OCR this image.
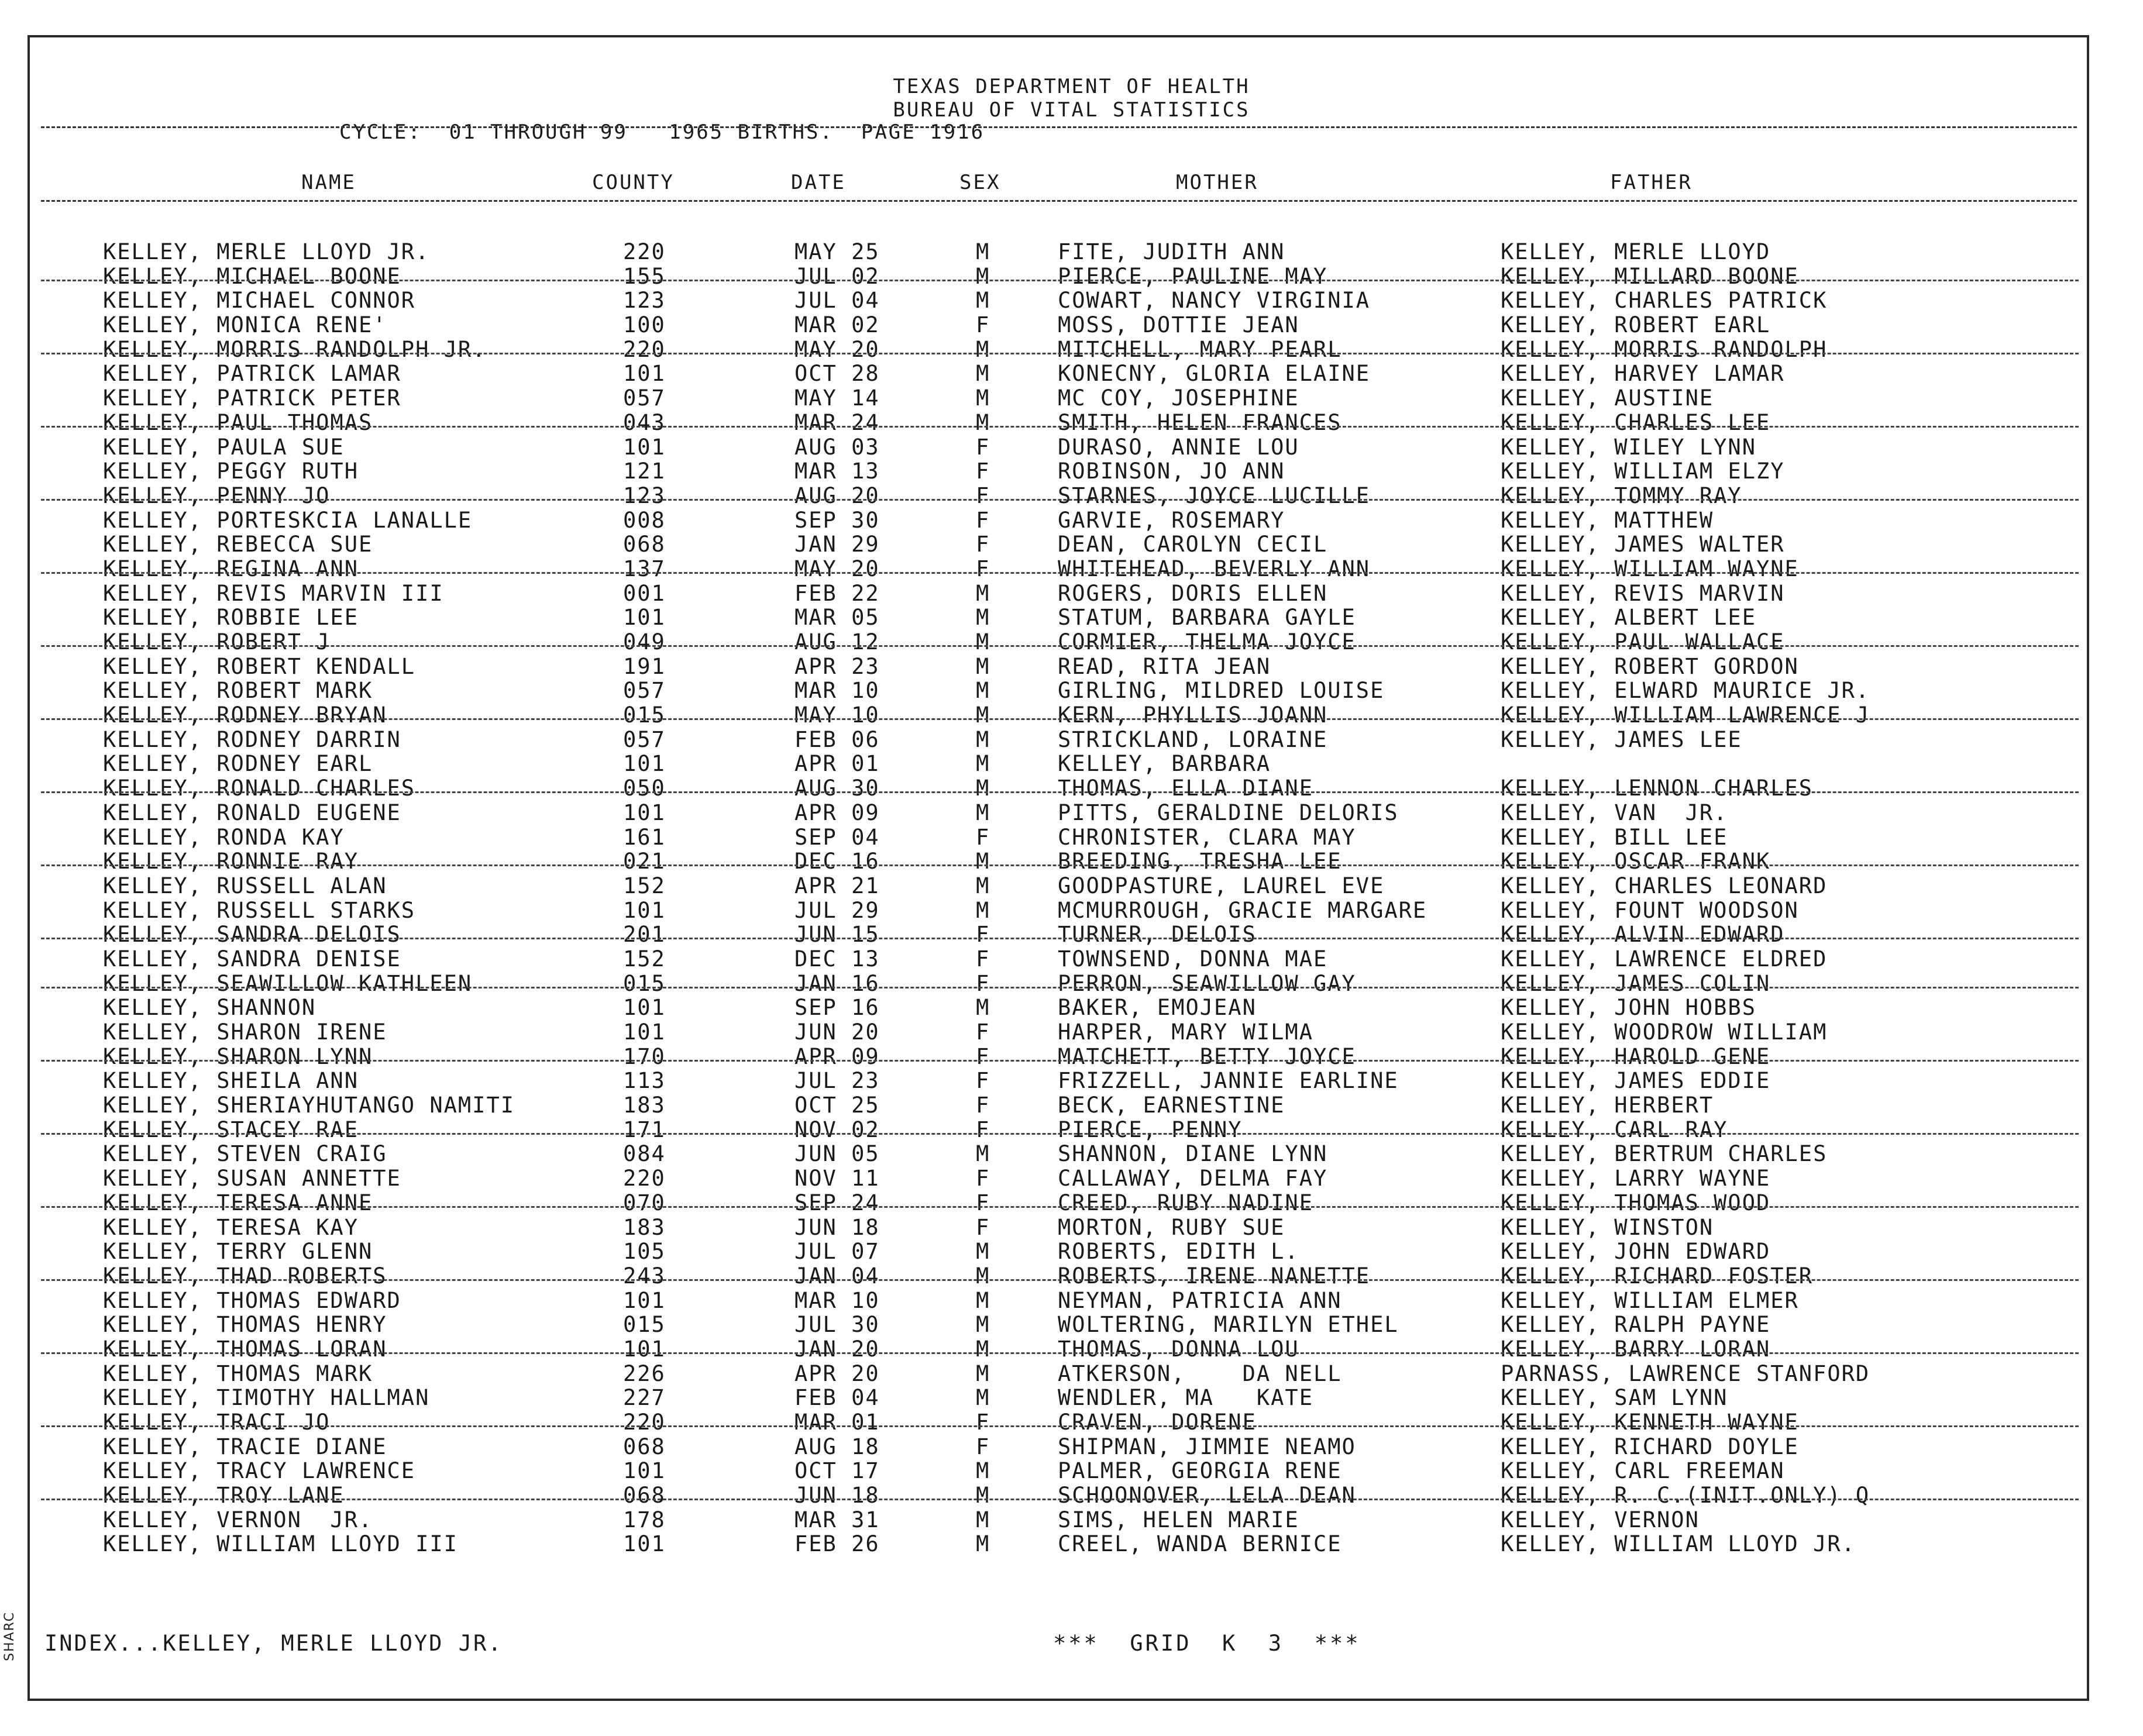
TEXAS DEPARTMENT OF HEALTH
BUREAU OF VITAL STATISTICS
CYCLE:  01 THROUGH 99   1965 BIRTHS.  PAGE 1916
NAME	COUNTY	DATE	SEX	MOTHER	FATHER
KELLEY, MERLE LLOYD JR.	220	MAY 25	M	FITE, JUDITH ANN	KELLEY, MERLE LLOYD
KELLEY, MICHAEL BOONE	155	JUL 02	M	PIERCE, PAULINE MAY	KELLEY, MILLARD BOONE
KELLEY, MICHAEL CONNOR	123	JUL 04	M	COWART, NANCY VIRGINIA	KELLEY, CHARLES PATRICK
KELLEY, MONICA RENE'	100	MAR 02	F	MOSS, DOTTIE JEAN	KELLEY, ROBERT EARL
KELLEY, MORRIS RANDOLPH JR.	220	MAY 20	M	MITCHELL, MARY PEARL	KELLEY, MORRIS RANDOLPH
KELLEY, PATRICK LAMAR	101	OCT 28	M	KONECNY, GLORIA ELAINE	KELLEY, HARVEY LAMAR
KELLEY, PATRICK PETER	057	MAY 14	M	MC COY, JOSEPHINE	KELLEY, AUSTINE
KELLEY, PAUL THOMAS	043	MAR 24	M	SMITH, HELEN FRANCES	KELLEY, CHARLES LEE
KELLEY, PAULA SUE	101	AUG 03	F	DURASO, ANNIE LOU	KELLEY, WILEY LYNN
KELLEY, PEGGY RUTH	121	MAR 13	F	ROBINSON, JO ANN	KELLEY, WILLIAM ELZY
KELLEY, PENNY JO	123	AUG 20	F	STARNES, JOYCE LUCILLE	KELLEY, TOMMY RAY
KELLEY, PORTESKCIA LANALLE	008	SEP 30	F	GARVIE, ROSEMARY	KELLEY, MATTHEW
KELLEY, REBECCA SUE	068	JAN 29	F	DEAN, CAROLYN CECIL	KELLEY, JAMES WALTER
KELLEY, REGINA ANN	137	MAY 20	F	WHITEHEAD, BEVERLY ANN	KELLEY, WILLIAM WAYNE
KELLEY, REVIS MARVIN III	001	FEB 22	M	ROGERS, DORIS ELLEN	KELLEY, REVIS MARVIN
KELLEY, ROBBIE LEE	101	MAR 05	M	STATUM, BARBARA GAYLE	KELLEY, ALBERT LEE
KELLEY, ROBERT J	049	AUG 12	M	CORMIER, THELMA JOYCE	KELLEY, PAUL WALLACE
KELLEY, ROBERT KENDALL	191	APR 23	M	READ, RITA JEAN	KELLEY, ROBERT GORDON
KELLEY, ROBERT MARK	057	MAR 10	M	GIRLING, MILDRED LOUISE	KELLEY, ELWARD MAURICE JR.
KELLEY, RODNEY BRYAN	015	MAY 10	M	KERN, PHYLLIS JOANN	KELLEY, WILLIAM LAWRENCE J
KELLEY, RODNEY DARRIN	057	FEB 06	M	STRICKLAND, LORAINE	KELLEY, JAMES LEE
KELLEY, RODNEY EARL	101	APR 01	M	KELLEY, BARBARA
KELLEY, RONALD CHARLES	050	AUG 30	M	THOMAS, ELLA DIANE	KELLEY, LENNON CHARLES
KELLEY, RONALD EUGENE	101	APR 09	M	PITTS, GERALDINE DELORIS	KELLEY, VAN  JR.
KELLEY, RONDA KAY	161	SEP 04	F	CHRONISTER, CLARA MAY	KELLEY, BILL LEE
KELLEY, RONNIE RAY	021	DEC 16	M	BREEDING, TRESHA LEE	KELLEY, OSCAR FRANK
KELLEY, RUSSELL ALAN	152	APR 21	M	GOODPASTURE, LAUREL EVE	KELLEY, CHARLES LEONARD
KELLEY, RUSSELL STARKS	101	JUL 29	M	MCMURROUGH, GRACIE MARGARE	KELLEY, FOUNT WOODSON
KELLEY, SANDRA DELOIS	201	JUN 15	F	TURNER, DELOIS	KELLEY, ALVIN EDWARD
KELLEY, SANDRA DENISE	152	DEC 13	F	TOWNSEND, DONNA MAE	KELLEY, LAWRENCE ELDRED
KELLEY, SEAWILLOW KATHLEEN	015	JAN 16	F	PERRON, SEAWILLOW GAY	KELLEY, JAMES COLIN
KELLEY, SHANNON	101	SEP 16	M	BAKER, EMOJEAN	KELLEY, JOHN HOBBS
KELLEY, SHARON IRENE	101	JUN 20	F	HARPER, MARY WILMA	KELLEY, WOODROW WILLIAM
KELLEY, SHARON LYNN	170	APR 09	F	MATCHETT, BETTY JOYCE	KELLEY, HAROLD GENE
KELLEY, SHEILA ANN	113	JUL 23	F	FRIZZELL, JANNIE EARLINE	KELLEY, JAMES EDDIE
KELLEY, SHERIAYHUTANGO NAMITI	183	OCT 25	F	BECK, EARNESTINE	KELLEY, HERBERT
KELLEY, STACEY RAE	171	NOV 02	F	PIERCE, PENNY	KELLEY, CARL RAY
KELLEY, STEVEN CRAIG	084	JUN 05	M	SHANNON, DIANE LYNN	KELLEY, BERTRUM CHARLES
KELLEY, SUSAN ANNETTE	220	NOV 11	F	CALLAWAY, DELMA FAY	KELLEY, LARRY WAYNE
KELLEY, TERESA ANNE	070	SEP 24	F	CREED, RUBY NADINE	KELLEY, THOMAS WOOD
KELLEY, TERESA KAY	183	JUN 18	F	MORTON, RUBY SUE	KELLEY, WINSTON
KELLEY, TERRY GLENN	105	JUL 07	M	ROBERTS, EDITH L.	KELLEY, JOHN EDWARD
KELLEY, THAD ROBERTS	243	JAN 04	M	ROBERTS, IRENE NANETTE	KELLEY, RICHARD FOSTER
KELLEY, THOMAS EDWARD	101	MAR 10	M	NEYMAN, PATRICIA ANN	KELLEY, WILLIAM ELMER
KELLEY, THOMAS HENRY	015	JUL 30	M	WOLTERING, MARILYN ETHEL	KELLEY, RALPH PAYNE
KELLEY, THOMAS LORAN	101	JAN 20	M	THOMAS, DONNA LOU	KELLEY, BARRY LORAN
KELLEY, THOMAS MARK	226	APR 20	M	ATKERSON,    DA NELL	PARNASS, LAWRENCE STANFORD
KELLEY, TIMOTHY HALLMAN	227	FEB 04	M	WENDLER, MA   KATE	KELLEY, SAM LYNN
KELLEY, TRACI JO	220	MAR 01	F	CRAVEN, DORENE	KELLEY, KENNETH WAYNE
KELLEY, TRACIE DIANE	068	AUG 18	F	SHIPMAN, JIMMIE NEAMO	KELLEY, RICHARD DOYLE
KELLEY, TRACY LAWRENCE	101	OCT 17	M	PALMER, GEORGIA RENE	KELLEY, CARL FREEMAN
KELLEY, TROY LANE	068	JUN 18	M	SCHOONOVER, LELA DEAN	KELLEY, R. C.(INIT.ONLY) Q
KELLEY, VERNON  JR.	178	MAR 31	M	SIMS, HELEN MARIE	KELLEY, VERNON
KELLEY, WILLIAM LLOYD III	101	FEB 26	M	CREEL, WANDA BERNICE	KELLEY, WILLIAM LLOYD JR.
INDEX...KELLEY, MERLE LLOYD JR.	***  GRID  K  3  ***
SHARC
